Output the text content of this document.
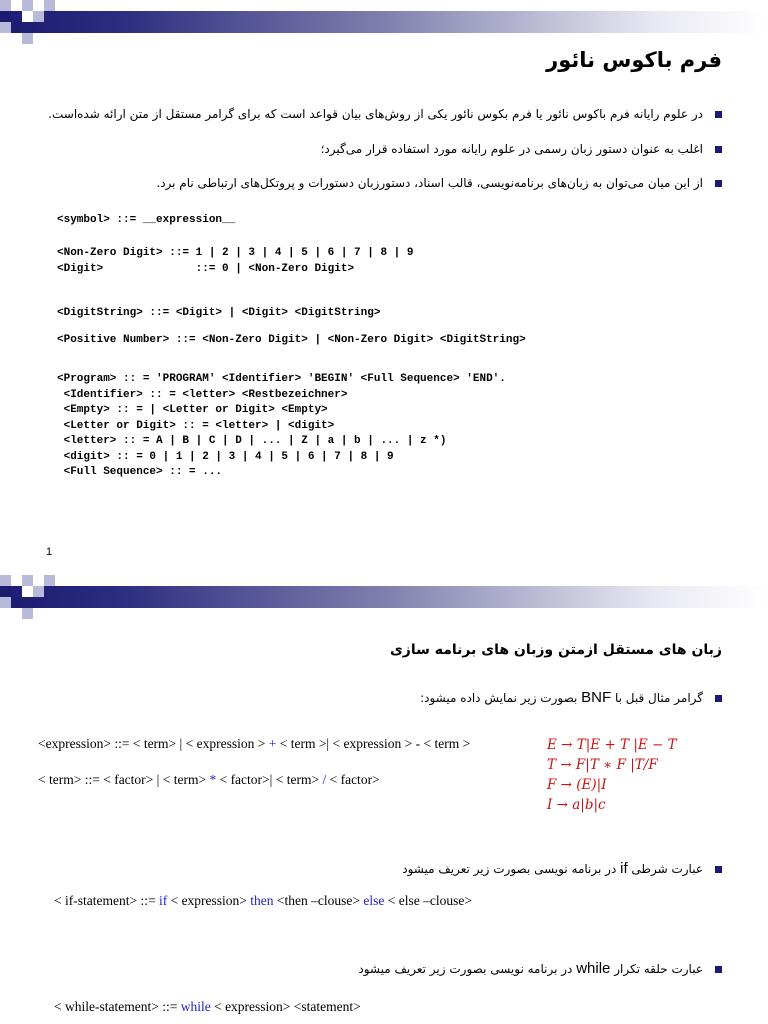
فرم باکوس نائور
در علوم رایانه فرم باکوس نائور یا فرم بکوس نائور یکی از روش‌های بیان قواعد است که برای گرامر مستقل از متن ارائه شده‌است.
اغلب به عنوان دستور زبان رسمی در علوم رایانه مورد استفاده قرار می‌گیرد؛
از این میان می‌توان به زبان‌های برنامه‌نویسی، قالب اسناد، دستورزبان دستورات و پروتکل‌های ارتباطی نام برد.
<symbol> ::= __expression__
<Non-Zero Digit> ::= 1 | 2 | 3 | 4 | 5 | 6 | 7 | 8 | 9
<Digit>              ::= 0 | <Non-Zero Digit>
<DigitString> ::= <Digit> | <Digit> <DigitString>
<Positive Number> ::= <Non-Zero Digit> | <Non-Zero Digit> <DigitString>
<Program> :: = 'PROGRAM' <Identifier> 'BEGIN' <Full Sequence> 'END'.
<Identifier> :: = <letter> <Restbezeichner>
<Empty> :: = | <Letter or Digit> <Empty>
<Letter or Digit> :: = <letter> | <digit>
<letter> :: = A | B | C | D | ... | Z | a | b | ... | z *)
<digit> :: = 0 | 1 | 2 | 3 | 4 | 5 | 6 | 7 | 8 | 9
<Full Sequence> :: = ...
1
زبان های مستقل ازمتن وزبان های برنامه سازی
گرامر مثال قبل با BNF بصورت زیر نمایش داده میشود:
<expression> ::= < term> | < expression > + < term >| < expression > - < term >
< term> ::= < factor> | < term> * < factor>| < term> / < factor>
E → T|E + T |E − T
T → F|T ∗ F |T/F
F → (E)|I
I → a|b|c
عبارت شرطی if در برنامه نویسی بصورت زیر تعریف میشود
< if-statement> ::= if < expression> then <then –clouse> else < else –clouse>
عبارت حلقه تکرار while در برنامه نویسی بصورت زیر تعریف میشود
< while-statement> ::= while < expression> <statement>
